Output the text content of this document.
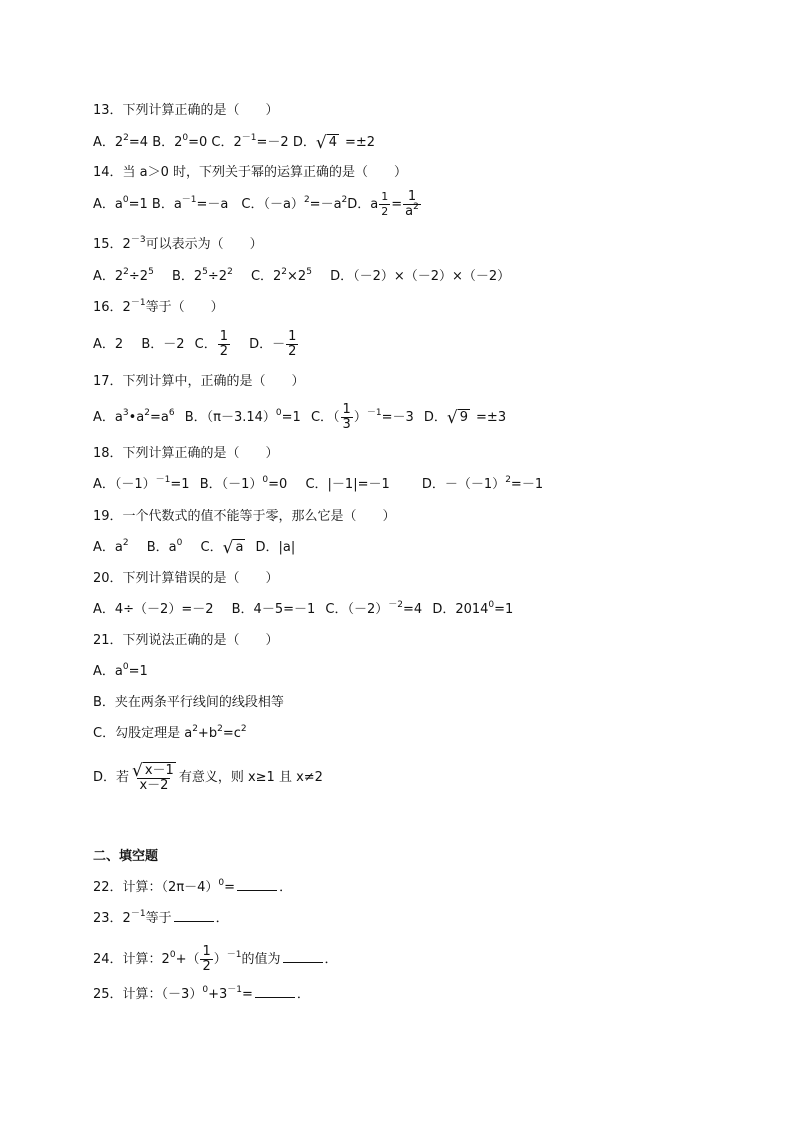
13．下列计算正确的是（　　）
A．$2^2=4$ B．$2^0=0$ C．$2^{-1}=-2$ D．√ 4 =±2
14．当 a＞0 时，下列关于幂的运算正确的是（　　）
A．$a^0=1$ B．$a^{-1}=-a$　C．$(-a)^2=-a^2D$．a $\frac{1}{2} = \frac{1}{a^2}$
15．$2^{-3}$可以表示为（　　）
A．$2^2\div 2^5$ B．$2^5\div 2^2$ C．$2^2\times 2^5$ D．（－2）×（－2）×（－2）
16．$2^{-1}$等于（　　）
A．2 B．－2 C． $\frac{1}{2}$ D．－ $\frac{1}{2}$
17．下列计算中，正确的是（　　）
A．$a^3•a^2=a^6$ B．$(\pi-3.14)^0=1$ C．（ $\frac{1}{3} )^{-1}=-3$ D．√ 9 =±3
18．下列计算正确的是（　　）
A．$(-1)^{-1}=1$ B．$(-1)^0=0$ C．|－1|=－1 D．$-(-1)^2=-1$
19．一个代数式的值不能等于零，那么它是（　　）
A．$a^2$ B．$a^0$ C．√ a D．|a|
20．下列计算错误的是（　　）
A．4÷（－2）=－2 B．4－5=－1 C．$(-2)^{-2}=4$ D．$2014^0=1$
21．下列说法正确的是（　　）
A．$a^0=1$
B．夹在两条平行线间的线段相等
C．勾股定理是 $a^2+b^2=c^2$
D．若 $\frac{√ x-1}{x-2}$ 有意义，则 x≥1 且 x≠2
二、填空题
22．计算：$(2\pi-4)^0=$	．
23．$2^{-1}$等于	．
24．计算：$2^0+( \frac{1}{2} )^{-1}$的值为	．
25．计算：$(-3)^0+3^{-1}=$	．
